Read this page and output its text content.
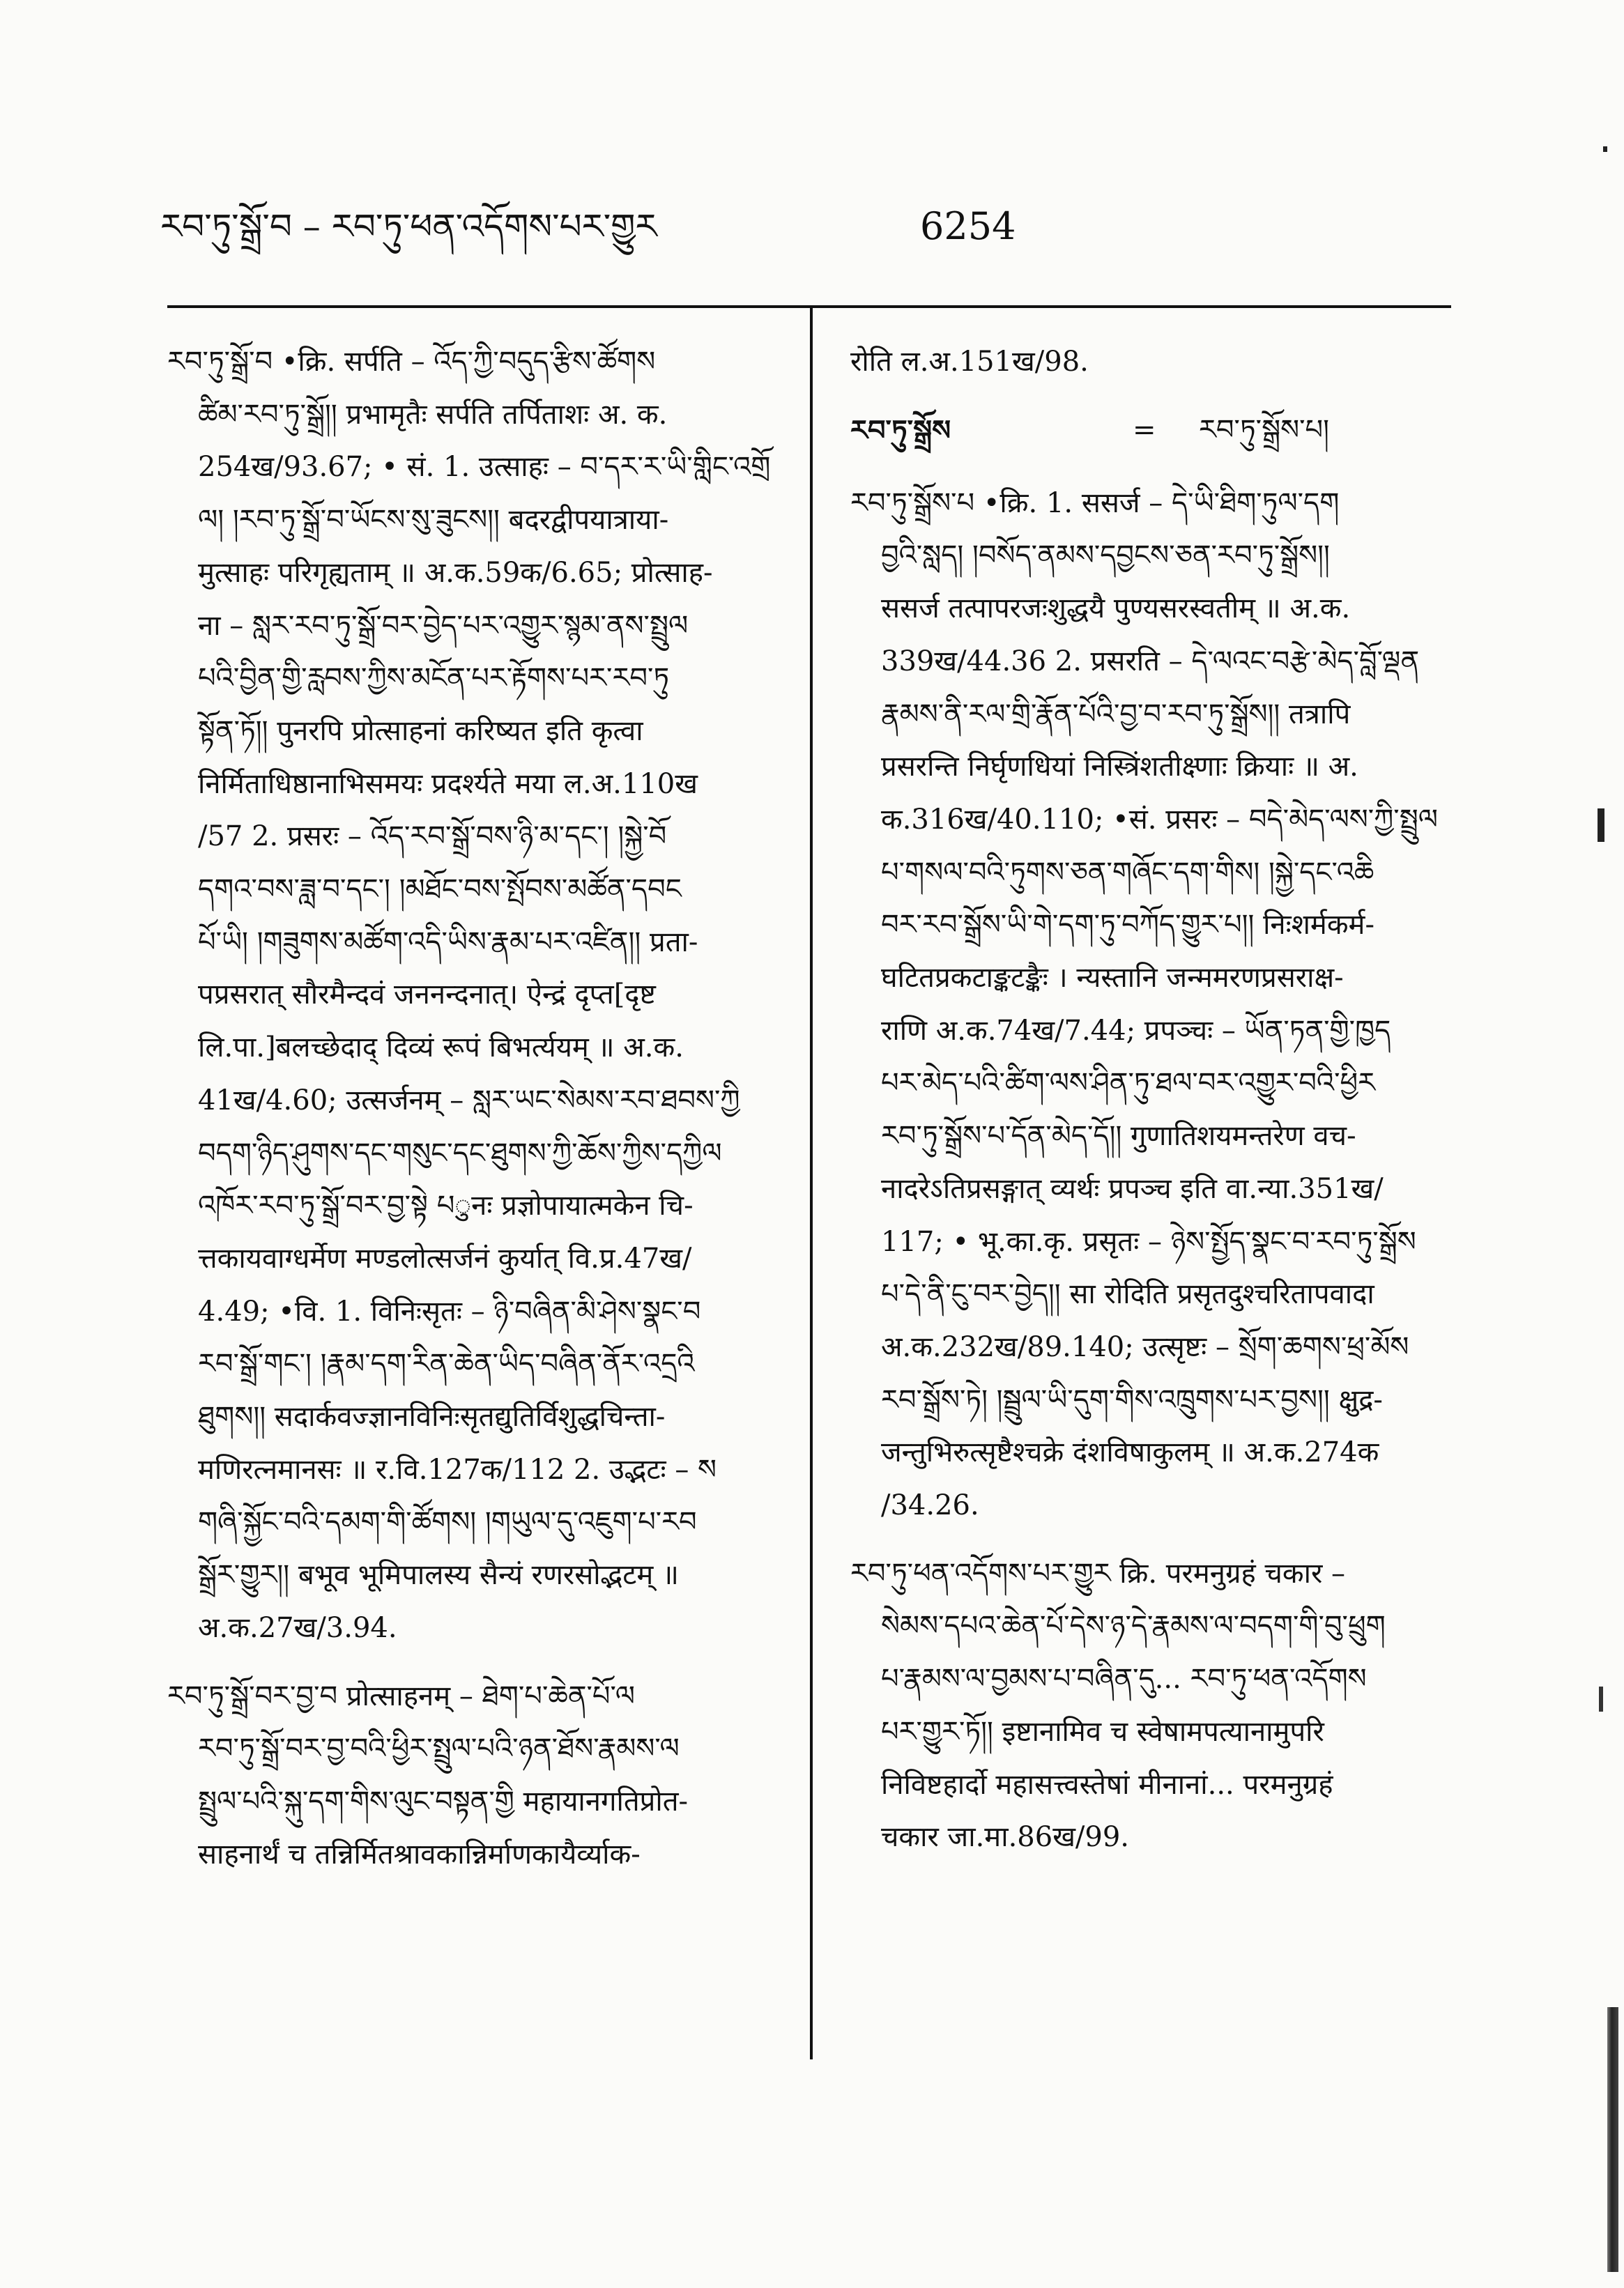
རབ་ཏུ་སྒྲོ་བ – རབ་ཏུ་ཕན་འདོགས་པར་གྱུར	6254
རབ་ཏུ་སྒྲོ་བ •क्रि. सर्पति – འོད་ཀྱི་བདུད་རྩིས་ཚོགས
ཚིམ་རབ་ཏུ་སྒྲོ།། प्रभामृतैः सर्पति तर्पिताशः अ. क.
254ख/93.67; • सं. 1. उत्साहः – བ་དར་ར་ཡི་གླིང་འགྲོ
ལ། །རབ་ཏུ་སྒྲོ་བ་ཡོངས་སུ་ཟུངས།། बदरद्वीपयात्राया-
मुत्साहः परिगृह्यताम् ॥ अ.क.59क/6.65; प्रोत्साह-
ना – སླར་རབ་ཏུ་སྒྲོ་བར་བྱེད་པར་འགྱུར་སྙམ་ནས་སྤྲུལ
པའི་བྱིན་གྱི་རླབས་ཀྱིས་མངོན་པར་རྟོགས་པར་རབ་ཏུ
སྟོན་ཏོ།། पुनरपि प्रोत्साहनां करिष्यत इति कृत्वा
निर्मिताधिष्ठानाभिसमयः प्रदर्श्यते मया ल.अ.110ख
/57 2. प्रसरः – འོད་རབ་སྒྲོ་བས་ཉི་མ་དང་། །སྐྱེ་བོ
དགའ་བས་ཟླ་བ་དང་། །མཐོང་བས་སྤོབས་མཚོན་དབང
པོ་ཡི། །གཟུགས་མཚོག་འདི་ཡིས་རྣམ་པར་འཛིན།། प्रता-
पप्रसरात् सौरमैन्दवं जननन्दनात्। ऐन्द्रं दृप्त[दृष्ट
लि.पा.]बलच्छेदाद् दिव्यं रूपं बिभर्त्ययम् ॥ अ.क.
41ख/4.60; उत्सर्जनम् – སླར་ཡང་སེམས་རབ་ཐབས་ཀྱི
བདག་ཉིད་ཤུགས་དང་གསུང་དང་ཐུགས་ཀྱི་ཆོས་ཀྱིས་དཀྱིལ
འཁོར་རབ་ཏུ་སྒྲོ་བར་བྱ་སྟེ པुनः प्रज्ञोपायात्मकेन चि-
त्तकायवाग्धर्मेण मण्डलोत्सर्जनं कुर्यात् वि.प्र.47ख/
4.49; •वि. 1. विनिःसृतः – ཉི་བཞིན་མི་ཤེས་སྣང་བ
རབ་སྒྲོ་གང་། །རྣམ་དག་རིན་ཆེན་ཡིད་བཞིན་ནོར་འདྲའི
ཐུགས།། सदार्कवज्ज्ञानविनिःसृतद्युतिर्विशुद्धचिन्ता-
मणिरत्नमानसः ॥ र.वि.127क/112 2. उद्भटः – ས
གཞི་སྐྱོང་བའི་དམག་གི་ཚོགས། །གཡུལ་དུ་འཇུག་པ་རབ
སྒྲོར་གྱུར།། बभूव भूमिपालस्य सैन्यं रणरसोद्भटम् ॥
अ.क.27ख/3.94.
རབ་ཏུ་སྒྲོ་བར་བྱ་བ प्रोत्साहनम् – ཐེག་པ་ཆེན་པོ་ལ
རབ་ཏུ་སྒྲོ་བར་བྱ་བའི་ཕྱིར་སྤྲུལ་པའི་ཉན་ཐོས་རྣམས་ལ
སྤྲུལ་པའི་སྐུ་དག་གིས་ལུང་བསྟན་གྱི महायानगतिप्रोत-
साहनार्थं च तन्निर्मितश्रावकान्निर्माणकायैर्व्याक-
रोति ल.अ.151ख/98.
རབ་ཏུ་སྒྲོས	= རབ་ཏུ་སྒྲོས་པ།
རབ་ཏུ་སྒྲོས་པ •क्रि. 1. ससर्ज – དེ་ཡི་ཐིག་ཏུལ་དག
བྱའི་སླད། །བསོད་ནམས་དབྱངས་ཅན་རབ་ཏུ་སྒྲོས།།
ससर्ज तत्पापरजःशुद्धयै पुण्यसरस्वतीम् ॥ अ.क.
339ख/44.36 2. प्रसरति – དེ་ལའང་བརྩེ་མེད་བློ་ལྡན
རྣམས་ནི་རལ་གྲི་རྣོན་པོའི་བྱ་བ་རབ་ཏུ་སྒྲོས།། तत्रापि
प्रसरन्ति निर्घृणधियां निस्त्रिंशतीक्ष्णाः क्रियाः ॥ अ.
क.316ख/40.110; •सं. प्रसरः – བདེ་མེད་ལས་ཀྱི་སྤྲུལ
པ་གསལ་བའི་ཏུགས་ཅན་གཞོང་དག་གིས། །སྐྱེ་དང་འཆི
བར་རབ་སྒྲོས་ཡི་གེ་དག་ཏུ་བཀོད་གྱུར་པ།། निःशर्मकर्म-
घटितप्रकटाङ्कटङ्कैः । न्यस्तानि जन्ममरणप्रसराक्ष-
राणि अ.क.74ख/7.44; प्रपञ्चः – ཡོན་ཏན་གྱི་ཁྱད
པར་མེད་པའི་ཚིག་ལས་ཤིན་ཏུ་ཐལ་བར་འགྱུར་བའི་ཕྱིར
རབ་ཏུ་སྒྲོས་པ་དོན་མེད་དོ།། गुणातिशयमन्तरेण वच-
नादरेऽतिप्रसङ्गात् व्यर्थः प्रपञ्च इति वा.न्या.351ख/
117; • भू.का.कृ. प्रसृतः – ཉེས་སྤྱོད་སྣང་བ་རབ་ཏུ་སྒྲོས
པ་དེ་ནི་ངུ་བར་བྱེད།། सा रोदिति प्रसृतदुश्चरितापवादा
अ.क.232ख/89.140; उत्सृष्टः – སྲོག་ཆགས་ཕྲ་མོས
རབ་སྒྲོས་ཏེ། །སྦྲུལ་ཡི་དུག་གིས་འཁྲུགས་པར་བྱས།། क्षुद्र-
जन्तुभिरुत्सृष्टैश्चक्रे दंशविषाकुलम् ॥ अ.क.274क
/34.26.
རབ་ཏུ་ཕན་འདོགས་པར་གྱུར क्रि. परमनुग्रहं चकार –
སེམས་དཔའ་ཆེན་པོ་དེས་ཉ་དེ་རྣམས་ལ་བདག་གི་བུ་ཕྲུག
པ་རྣམས་ལ་བྱམས་པ་བཞིན་དུ... རབ་ཏུ་ཕན་འདོགས
པར་གྱུར་ཏོ།། इष्टानामिव च स्वेषामपत्यानामुपरि
निविष्टहार्दो महासत्त्वस्तेषां मीनानां... परमनुग्रहं
चकार जा.मा.86ख/99.
